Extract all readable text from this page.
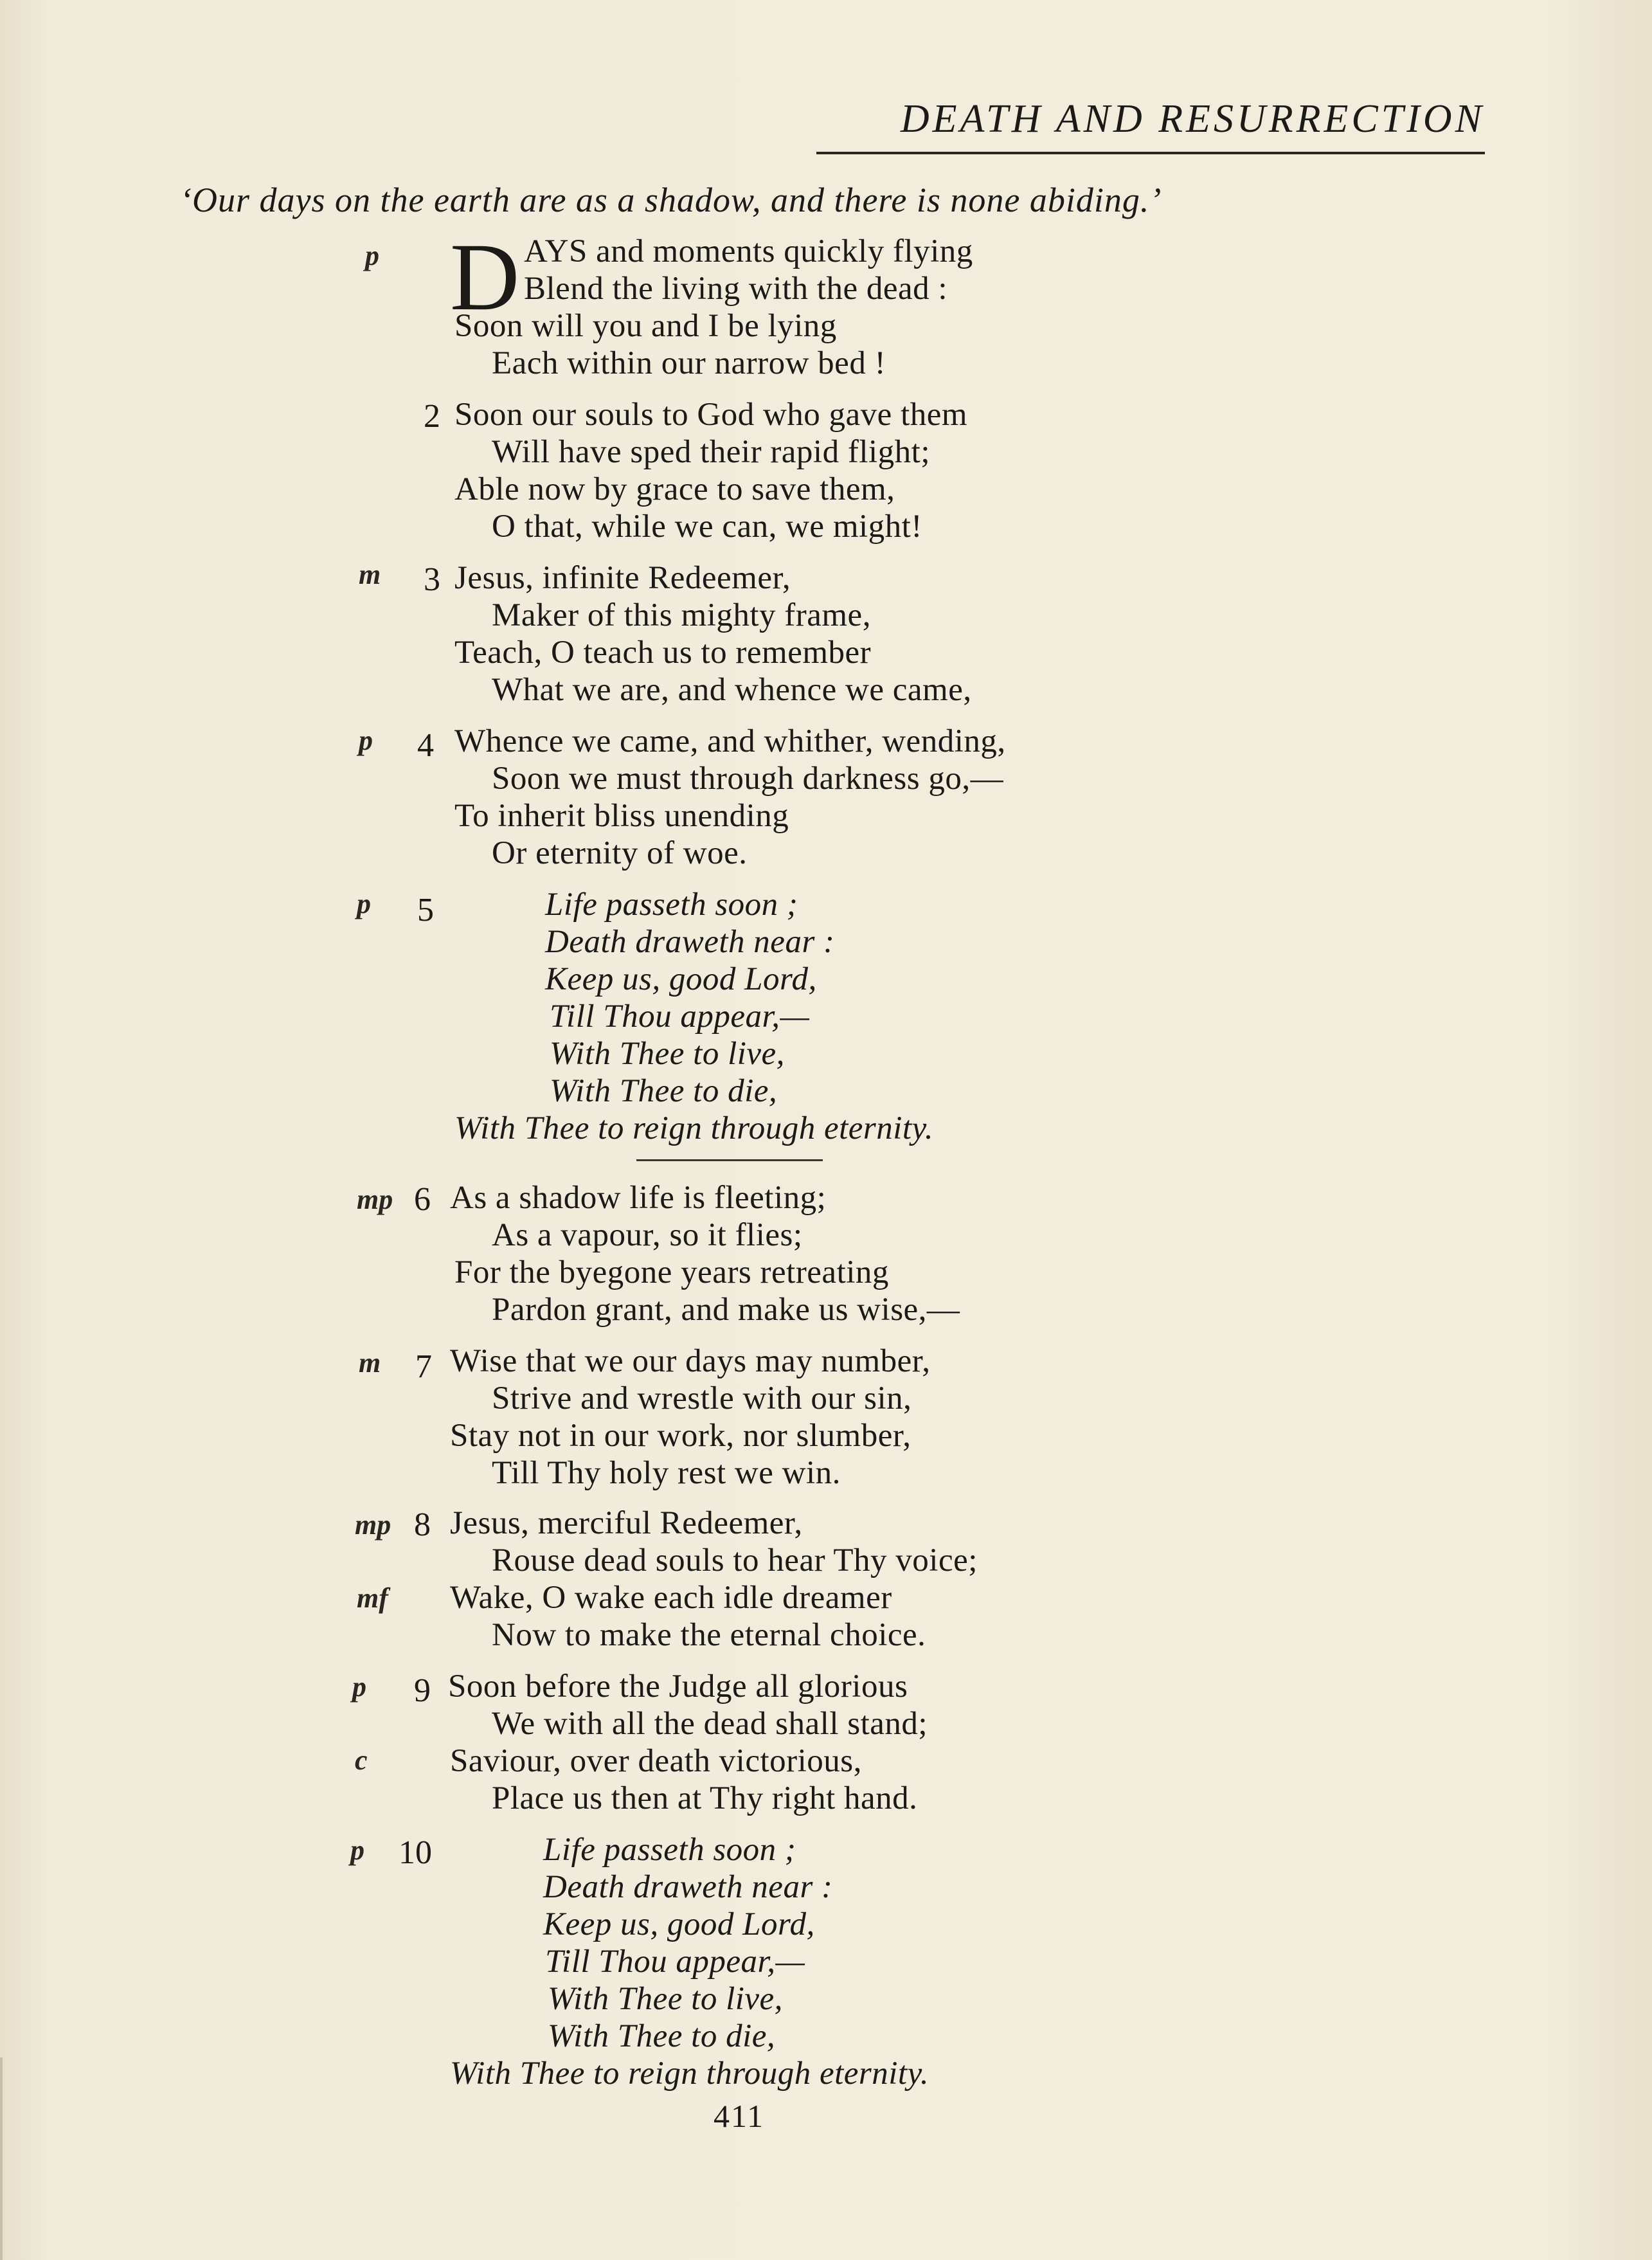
DEATH AND RESURRECTION
‘Our days on the earth are as a shadow, and there is none abiding.’
p D AYS and moments quickly flying
Blend the living with the dead :
Soon will you and I be lying
Each within our narrow bed !
2 Soon our souls to God who gave them
Will have sped their rapid flight;
Able now by grace to save them,
O that, while we can, we might!
m	3 Jesus, infinite Redeemer,
Maker of this mighty frame,
Teach, O teach us to remember
What we are, and whence we came,
p	4 Whence we came, and whither, wending,
Soon we must through darkness go,—
To inherit bliss unending
Or eternity of woe.
p	5	Life passeth soon ;
Death draweth near :
Keep us, good Lord,
Till Thou appear,—
With Thee to live,
With Thee to die,
With Thee to reign through eternity.
mp 6 As a shadow life is fleeting;
As a vapour, so it flies;
For the byegone years retreating
Pardon grant, and make us wise,—
m	7 Wise that we our days may number,
Strive and wrestle with our sin,
Stay not in our work, nor slumber,
Till Thy holy rest we win.
mp 8 Jesus, merciful Redeemer,
Rouse dead souls to hear Thy voice;
mf Wake, O wake each idle dreamer
Now to make the eternal choice.
p	9 Soon before the Judge all glorious
We with all the dead shall stand;
c	Saviour, over death victorious,
Place us then at Thy right hand.
p 10	Life passeth soon ;
Death draweth near :
Keep us, good Lord,
Till Thou appear,—
With Thee to live,
With Thee to die,
With Thee to reign through eternity.
411
